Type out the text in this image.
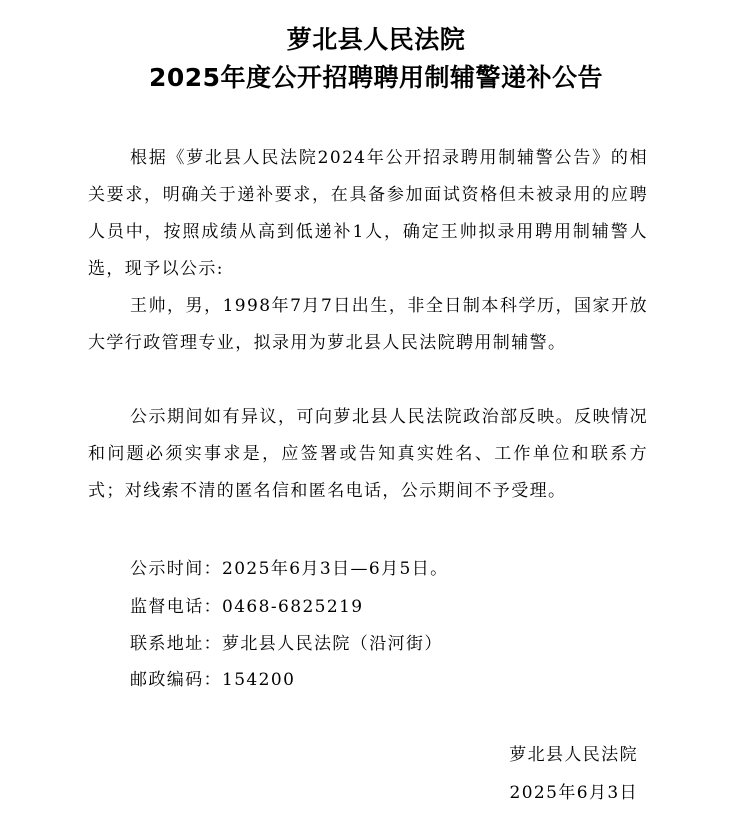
萝北县人民法院
2025年度公开招聘聘用制辅警递补公告

根据《萝北县人民法院2024年公开招录聘用制辅警公告》的相关要求，明确关于递补要求，在具备参加面试资格但未被录用的应聘人员中，按照成绩从高到低递补1人，确定王帅拟录用聘用制辅警人选，现予以公示:

王帅，男，1998年7月7日出生，非全日制本科学历，国家开放大学行政管理专业，拟录用为萝北县人民法院聘用制辅警。

公示期间如有异议，可向萝北县人民法院政治部反映。反映情况和问题必须实事求是，应签署或告知真实姓名、工作单位和联系方式；对线索不清的匿名信和匿名电话，公示期间不予受理。

公示时间：2025年6月3日—6月5日。
监督电话：0468-6825219
联系地址：萝北县人民法院（沿河街）
邮政编码：154200
萝北县人民法院
2025年6月3日
